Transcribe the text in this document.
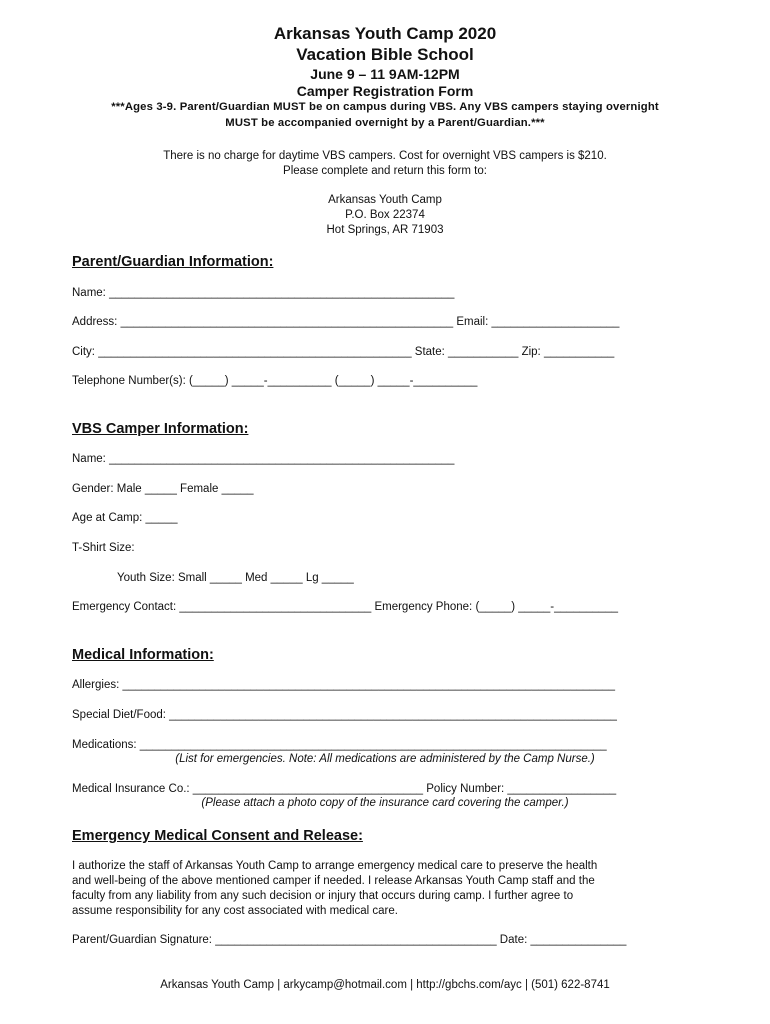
Arkansas Youth Camp 2020
Vacation Bible School
June 9 – 11 9AM-12PM
Camper Registration Form
***Ages 3-9. Parent/Guardian MUST be on campus during VBS. Any VBS campers staying overnight
MUST be accompanied overnight by a Parent/Guardian.***
There is no charge for daytime VBS campers. Cost for overnight VBS campers is $210.
Please complete and return this form to:
Arkansas Youth Camp
P.O. Box 22374
Hot Springs, AR 71903
Parent/Guardian Information:
Name: ______________________________________________________
Address: ____________________________________________________ Email: ____________________
City: _________________________________________________ State: ___________ Zip: ___________
Telephone Number(s): (_____) _____-__________ (_____) _____-__________
VBS Camper Information:
Name: ______________________________________________________
Gender: Male _____ Female _____
Age at Camp: _____
T-Shirt Size:
Youth Size: Small _____ Med _____ Lg _____
Emergency Contact: ______________________________ Emergency Phone: (_____) _____-__________
Medical Information:
Allergies: _____________________________________________________________________________
Special Diet/Food: ______________________________________________________________________
Medications: _________________________________________________________________________
(List for emergencies. Note: All medications are administered by the Camp Nurse.)
Medical Insurance Co.: ____________________________________ Policy Number: _________________
(Please attach a photo copy of the insurance card covering the camper.)
Emergency Medical Consent and Release:
I authorize the staff of Arkansas Youth Camp to arrange emergency medical care to preserve the health
and well-being of the above mentioned camper if needed. I release Arkansas Youth Camp staff and the
faculty from any liability from any such decision or injury that occurs during camp. I further agree to
assume responsibility for any cost associated with medical care.
Parent/Guardian Signature: ____________________________________________ Date: _______________
Arkansas Youth Camp | arkycamp@hotmail.com | http://gbchs.com/ayc | (501) 622-8741
